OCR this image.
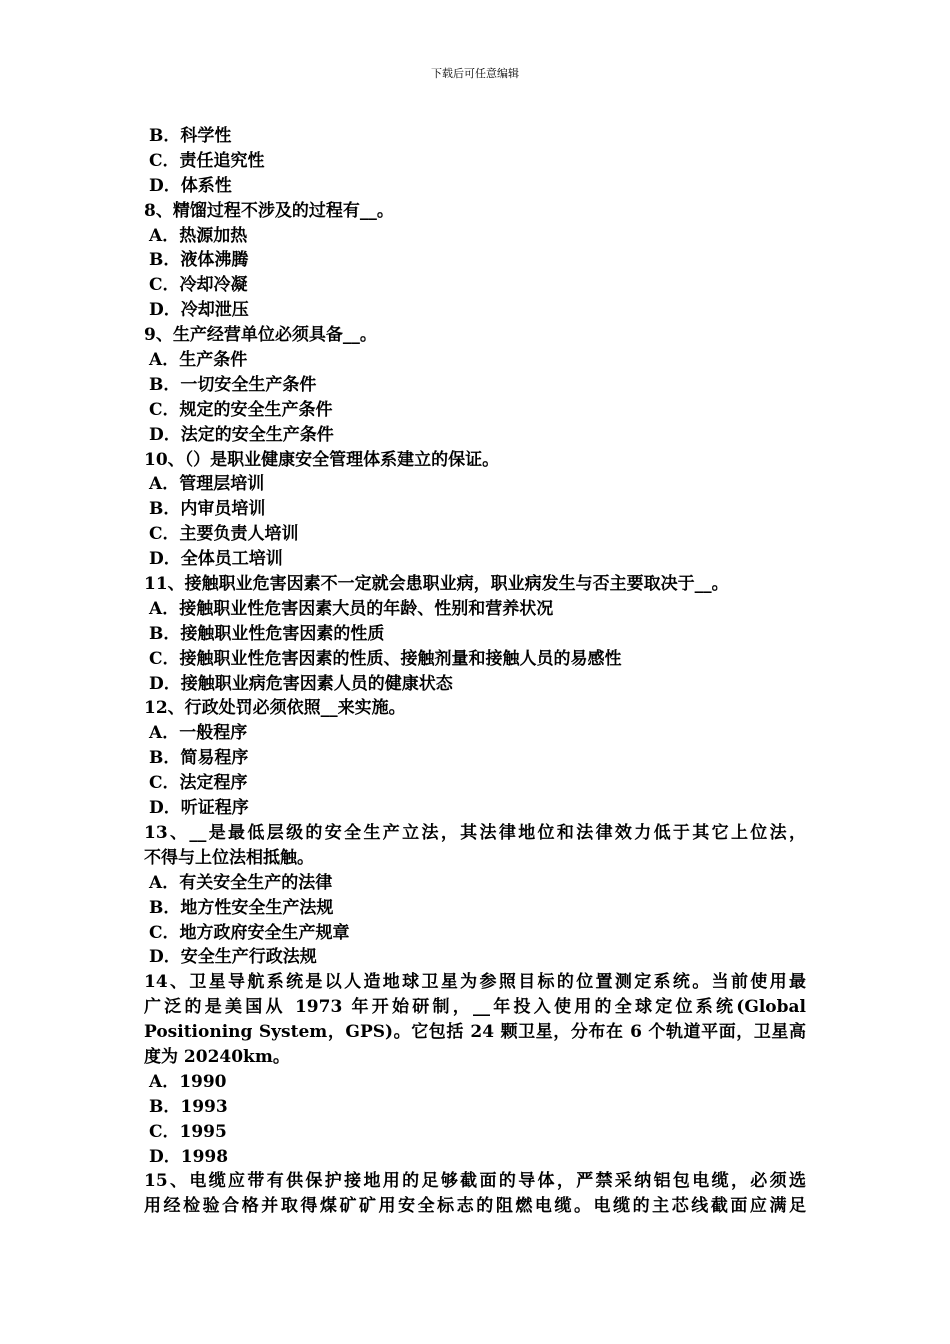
下载后可任意编辑
B．科学性
C．责任追究性
D．体系性
8、精馏过程不涉及的过程有__。
A．热源加热
B．液体沸腾
C．冷却冷凝
D．冷却泄压
9、生产经营单位必须具备__。
A．生产条件
B．一切安全生产条件
C．规定的安全生产条件
D．法定的安全生产条件
10、（）是职业健康安全管理体系建立的保证。
A．管理层培训
B．内审员培训
C．主要负责人培训
D．全体员工培训
11、接触职业危害因素不一定就会患职业病，职业病发生与否主要取决于__。
A．接触职业性危害因素大员的年龄、性别和营养状况
B．接触职业性危害因素的性质
C．接触职业性危害因素的性质、接触剂量和接触人员的易感性
D．接触职业病危害因素人员的健康状态
12、行政处罚必须依照__来实施。
A．一般程序
B．简易程序
C．法定程序
D．听证程序
13、__是最低层级的安全生产立法，其法律地位和法律效力低于其它上位法，
不得与上位法相抵触。
A．有关安全生产的法律
B．地方性安全生产法规
C．地方政府安全生产规章
D．安全生产行政法规
14、卫星导航系统是以人造地球卫星为参照目标的位置测定系统。当前使用最
广泛的是美国从 1973 年开始研制，__年投入使用的全球定位系统(Global
Positioning System，GPS)。它包括 24 颗卫星，分布在 6 个轨道平面，卫星高
度为 20240km。
A．1990
B．1993
C．1995
D．1998
15、电缆应带有供保护接地用的足够截面的导体，严禁采纳铝包电缆，必须选
用经检验合格并取得煤矿矿用安全标志的阻燃电缆。电缆的主芯线截面应满足
